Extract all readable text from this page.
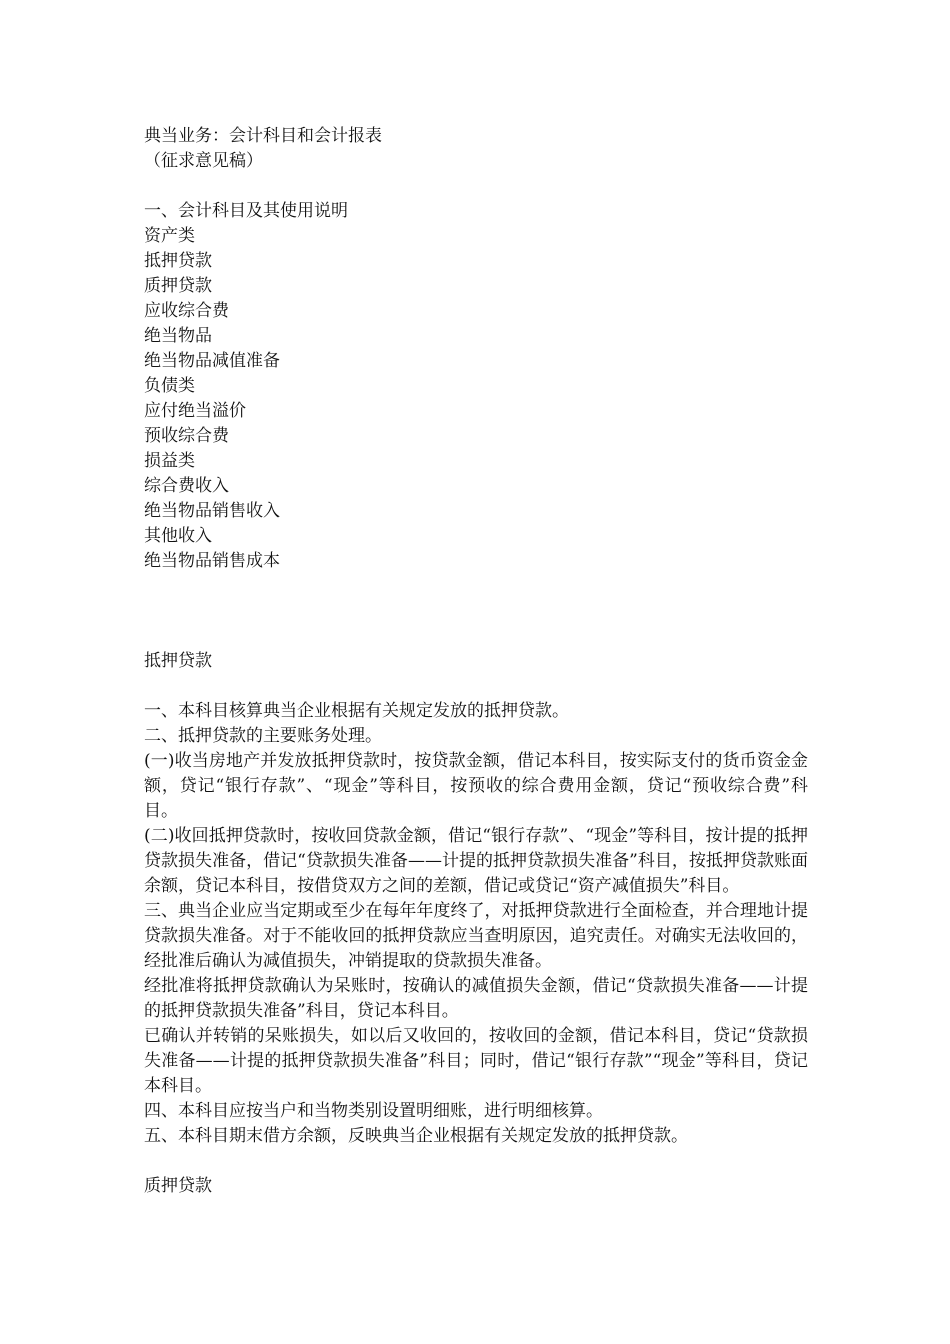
典当业务：会计科目和会计报表
（征求意见稿）
一、会计科目及其使用说明
资产类
抵押贷款
质押贷款
应收综合费
绝当物品
绝当物品减值准备
负债类
应付绝当溢价
预收综合费
损益类
综合费收入
绝当物品销售收入
其他收入
绝当物品销售成本
抵押贷款
一、本科目核算典当企业根据有关规定发放的抵押贷款。
二、抵押贷款的主要账务处理。
(一)收当房地产并发放抵押贷款时，按贷款金额，借记本科目，按实际支付的货币资金金额，贷记“银行存款”、“现金”等科目，按预收的综合费用金额，贷记“预收综合费”科目。
(二)收回抵押贷款时，按收回贷款金额，借记“银行存款”、“现金”等科目，按计提的抵押贷款损失准备，借记“贷款损失准备——计提的抵押贷款损失准备”科目，按抵押贷款账面余额，贷记本科目，按借贷双方之间的差额，借记或贷记“资产减值损失”科目。
三、典当企业应当定期或至少在每年年度终了，对抵押贷款进行全面检查，并合理地计提贷款损失准备。对于不能收回的抵押贷款应当查明原因，追究责任。对确实无法收回的，经批准后确认为减值损失，冲销提取的贷款损失准备。
经批准将抵押贷款确认为呆账时，按确认的减值损失金额，借记“贷款损失准备——计提的抵押贷款损失准备”科目，贷记本科目。
已确认并转销的呆账损失，如以后又收回的，按收回的金额，借记本科目，贷记“贷款损失准备——计提的抵押贷款损失准备”科目；同时，借记“银行存款”“现金”等科目，贷记本科目。
四、本科目应按当户和当物类别设置明细账，进行明细核算。
五、本科目期末借方余额，反映典当企业根据有关规定发放的抵押贷款。
质押贷款
